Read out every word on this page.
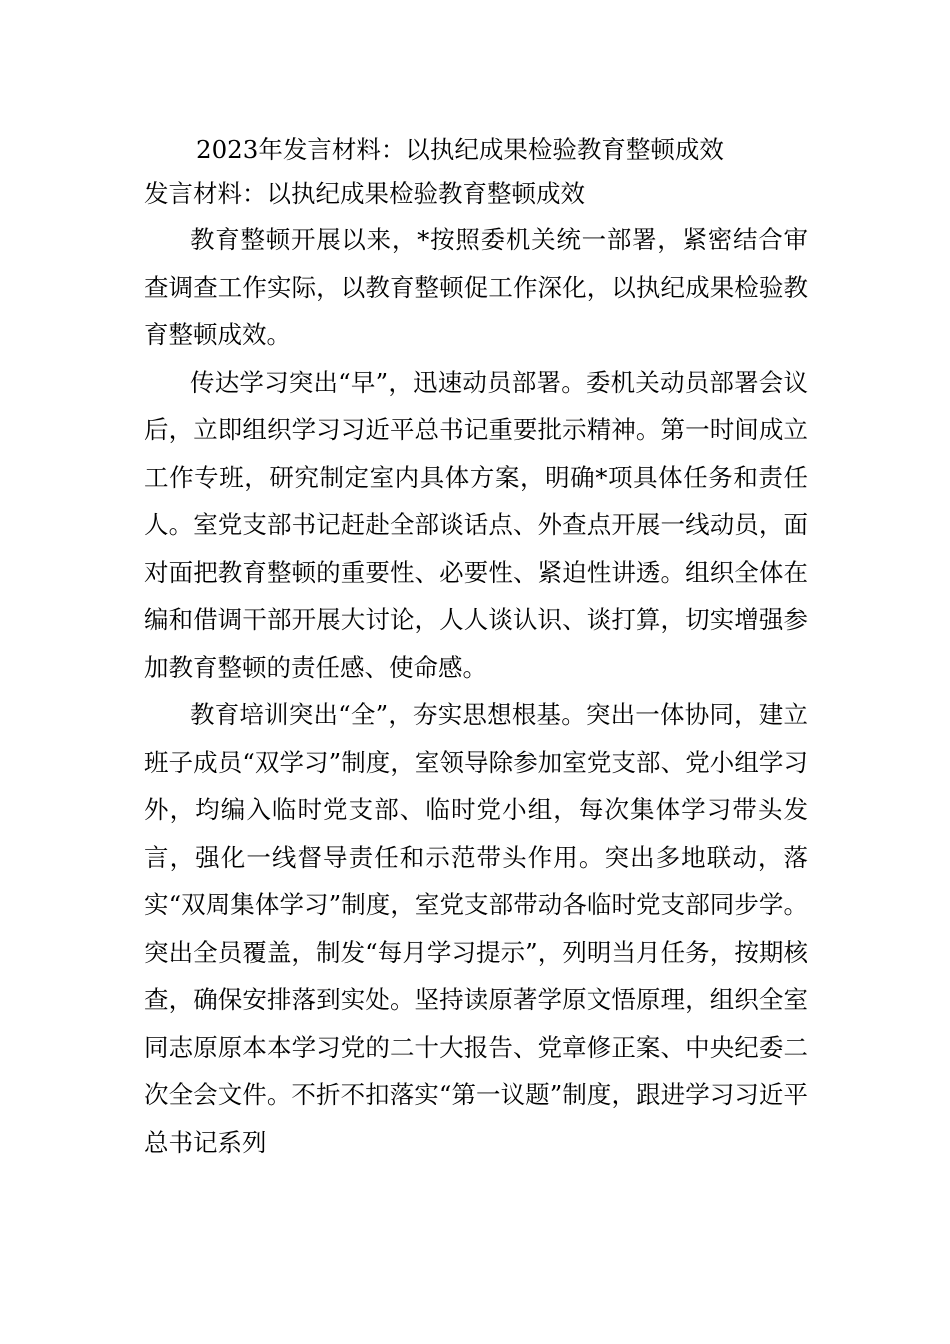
2023年发言材料：以执纪成果检验教育整顿成效
发言材料：以执纪成果检验教育整顿成效

教育整顿开展以来，*按照委机关统一部署，紧密结合审查调查工作实际，以教育整顿促工作深化，以执纪成果检验教育整顿成效。

传达学习突出“早”，迅速动员部署。委机关动员部署会议后，立即组织学习习近平总书记重要批示精神。第一时间成立工作专班，研究制定室内具体方案，明确*项具体任务和责任人。室党支部书记赶赴全部谈话点、外查点开展一线动员，面对面把教育整顿的重要性、必要性、紧迫性讲透。组织全体在编和借调干部开展大讨论，人人谈认识、谈打算，切实增强参加教育整顿的责任感、使命感。

教育培训突出“全”，夯实思想根基。突出一体协同，建立班子成员“双学习”制度，室领导除参加室党支部、党小组学习外，均编入临时党支部、临时党小组，每次集体学习带头发言，强化一线督导责任和示范带头作用。突出多地联动，落实“双周集体学习”制度，室党支部带动各临时党支部同步学。突出全员覆盖，制发“每月学习提示”，列明当月任务，按期核查，确保安排落到实处。坚持读原著学原文悟原理，组织全室同志原原本本学习党的二十大报告、党章修正案、中央纪委二次全会文件。不折不扣落实“第一议题”制度，跟进学习习近平总书记系列
